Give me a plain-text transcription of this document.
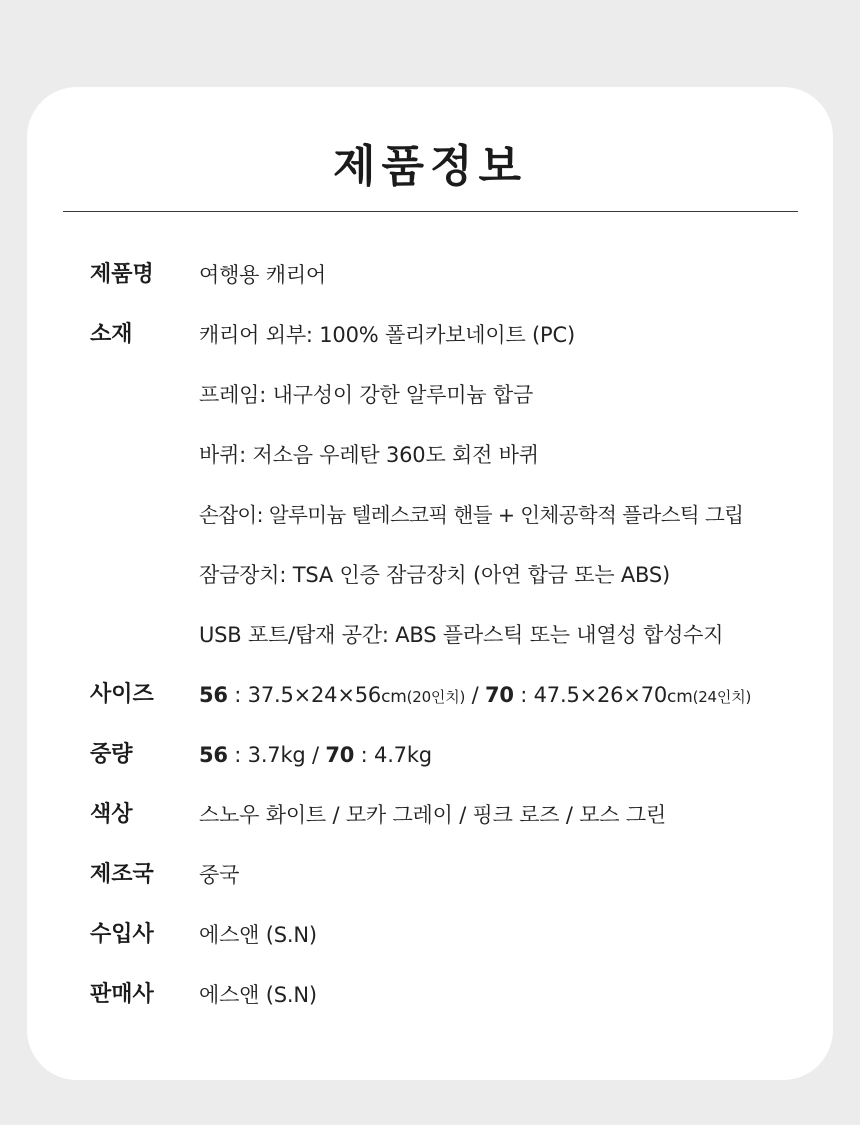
제품정보
제품명 여행용 캐리어
소재	캐리어 외부: 100% 폴리카보네이트 (PC)
프레임: 내구성이 강한 알루미늄 합금
바퀴: 저소음 우레탄 360도 회전 바퀴
손잡이: 알루미늄 텔레스코픽 핸들 + 인체공학적 플라스틱 그립
잠금장치: TSA 인증 잠금장치 (아연 합금 또는 ABS)
USB 포트/탑재 공간: ABS 플라스틱 또는 내열성 합성수지
사이즈 56 : 37.5×24×56cm(20인치) / 70 : 47.5×26×70cm(24인치)
중량	56 : 3.7kg / 70 : 4.7kg
색상	스노우 화이트 / 모카 그레이 / 핑크 로즈 / 모스 그린
제조국 중국
수입사 에스앤 (S.N)
판매사 에스앤 (S.N)
